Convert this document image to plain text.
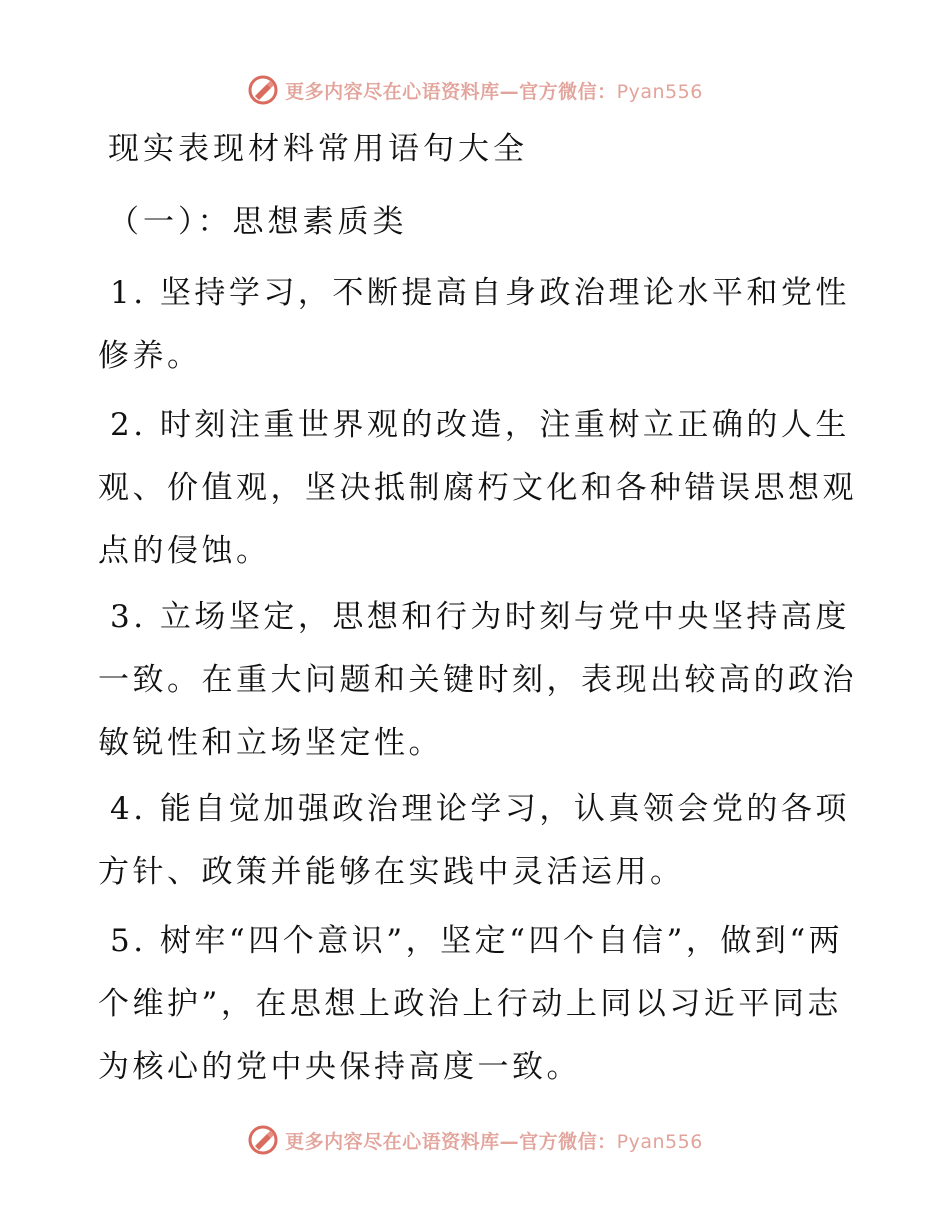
更多内容尽在心语资料库—官方微信：Pyan556
现实表现材料常用语句大全
（一）：思想素质类

1. 坚持学习，不断提高自身政治理论水平和党性修养。

2. 时刻注重世界观的改造，注重树立正确的人生观、价值观，坚决抵制腐朽文化和各种错误思想观点的侵蚀。

3. 立场坚定，思想和行为时刻与党中央坚持高度一致。在重大问题和关键时刻，表现出较高的政治敏锐性和立场坚定性。

4. 能自觉加强政治理论学习，认真领会党的各项方针、政策并能够在实践中灵活运用。

5. 树牢“四个意识”，坚定“四个自信”，做到“两个维护”，在思想上政治上行动上同以习近平同志为核心的党中央保持高度一致。

更多内容尽在心语资料库—官方微信：Pyan556
